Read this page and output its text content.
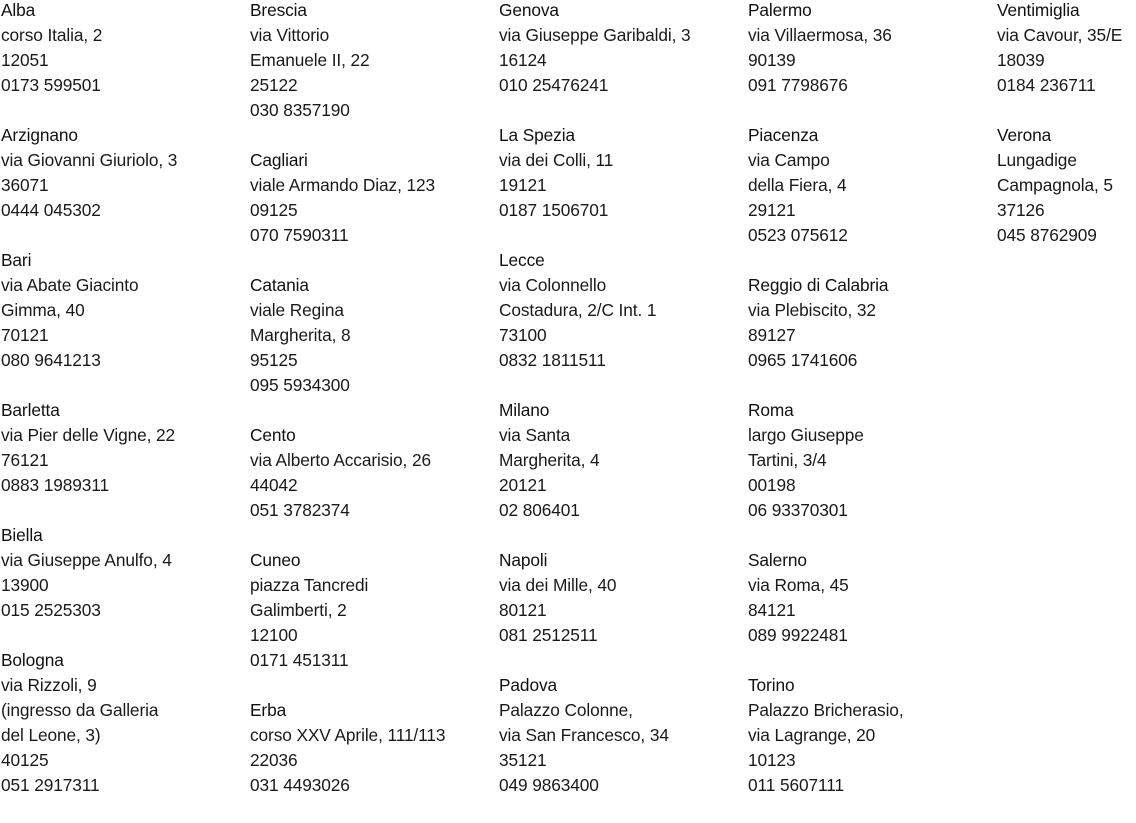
Alba
corso Italia, 2
12051
0173 599501
Arzignano
via Giovanni Giuriolo, 3
36071
0444 045302
Bari
via Abate Giacinto
Gimma, 40
70121
080 9641213
Barletta
via Pier delle Vigne, 22
76121
0883 1989311
Biella
via Giuseppe Anulfo, 4
13900
015 2525303
Bologna
via Rizzoli, 9
(ingresso da Galleria
del Leone, 3)
40125
051 2917311
Brescia
via Vittorio
Emanuele II, 22
25122
030 8357190
Cagliari
viale Armando Diaz, 123
09125
070 7590311
Catania
viale Regina
Margherita, 8
95125
095 5934300
Cento
via Alberto Accarisio, 26
44042
051 3782374
Cuneo
piazza Tancredi
Galimberti, 2
12100
0171 451311
Erba
corso XXV Aprile, 111/113
22036
031 4493026
Genova
via Giuseppe Garibaldi, 3
16124
010 25476241
La Spezia
via dei Colli, 11
19121
0187 1506701
Lecce
via Colonnello
Costadura, 2/C Int. 1
73100
0832 1811511
Milano
via Santa
Margherita, 4
20121
02 806401
Napoli
via dei Mille, 40
80121
081 2512511
Padova
Palazzo Colonne,
via San Francesco, 34
35121
049 9863400
Palermo
via Villaermosa, 36
90139
091 7798676
Piacenza
via Campo
della Fiera, 4
29121
0523 075612
Reggio di Calabria
via Plebiscito, 32
89127
0965 1741606
Roma
largo Giuseppe
Tartini, 3/4
00198
06 93370301
Salerno
via Roma, 45
84121
089 9922481
Torino
Palazzo Bricherasio,
via Lagrange, 20
10123
011 5607111
Ventimiglia
via Cavour, 35/E
18039
0184 236711
Verona
Lungadige
Campagnola, 5
37126
045 8762909
